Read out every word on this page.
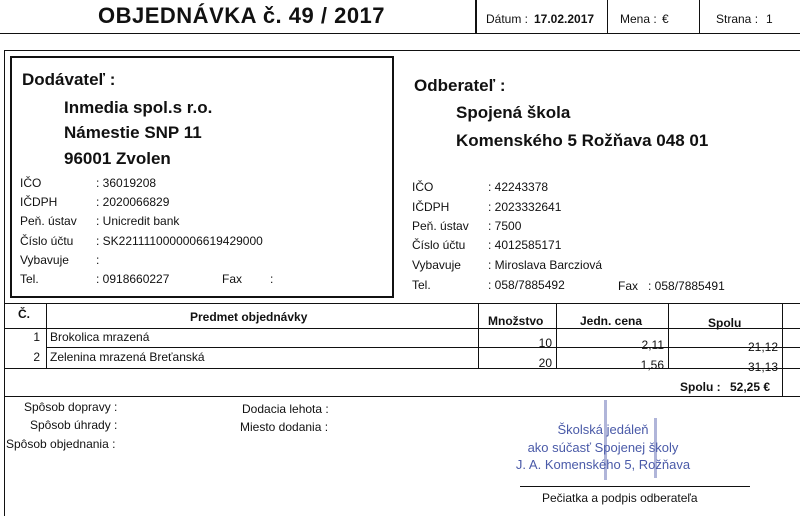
OBJEDNÁVKA č. 49 / 2017	Dátum : 17.02.2017 Mena : €	Strana : 1
Dodávateľ :
Inmedia spol.s r.o.
Námestie SNP 11
96001 Zvolen
IČO	: 36019208
IČDPH	: 2020066829
Peň. ústav : Unicredit bank
Číslo účtu : SK2211110000006619429000
Vybavuje :
Tel.	: 0918660227	Fax :
Odberateľ :
Spojená škola
Komenského 5 Rožňava 048 01
IČO	: 42243378
IČDPH	: 2023332641
Peň. ústav : 7500
Číslo účtu : 4012585171
Vybavuje : Miroslava Barcziová
Tel.	: 058/7885492	Fax : 058/7885491
Č.	Predmet objednávky	Množstvo	Jedn. cena	Spolu
1 Brokolica mrazená	10	2,11	21,12
2 Zelenina mrazená Breťanská	20	1,56	31,13
Spolu : 52,25 €
Spôsob dopravy :
Spôsob úhrady :
Spôsob objednania :
Dodacia lehota :
Miesto dodania :	Školská jedáleň
ako súčasť Spojenej školy
J. A. Komenského 5, Rožňava
Pečiatka a podpis odberateľa
